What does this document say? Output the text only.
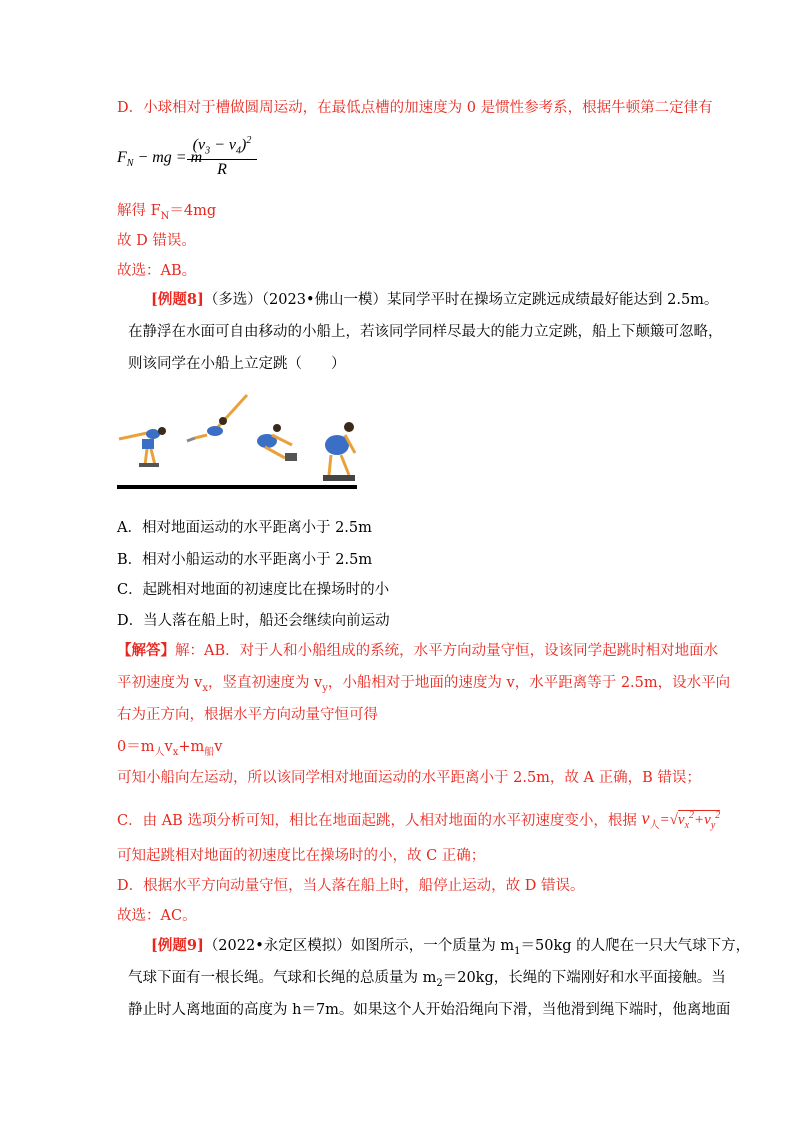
D．小球相对于槽做圆周运动，在最低点槽的加速度为 0 是惯性参考系，根据牛顿第二定律有
$F_N$ − mg = m
$\frac{(v_3 - v_4)^2}{R}$
解得 $F_N=4mg$
故 D 错误。
故选：AB。
[例题8]（多选）（2023•佛山一模）某同学平时在操场立定跳远成绩最好能达到 2.5m。
在静浮在水面可自由移动的小船上，若该同学同样尽最大的能力立定跳，船上下颠簸可忽略，
则该同学在小船上立定跳（　　）
A．相对地面运动的水平距离小于 2.5m
B．相对小船运动的水平距离小于 2.5m
C．起跳相对地面的初速度比在操场时的小
D．当人落在船上时，船还会继续向前运动
【解答】解：AB．对于人和小船组成的系统，水平方向动量守恒，设该同学起跳时相对地面水
平初速度为 $v_x$，竖直初速度为 $v_y$，小船相对于地面的速度为 v，水平距离等于 2.5m，设水平向
右为正方向，根据水平方向动量守恒可得
$0=m_人v_x+m_船v$
可知小船向左运动，所以该同学相对地面运动的水平距离小于 2.5m，故 A 正确，B 错误；
C．由 AB 选项分析可知，相比在地面起跳，人相对地面的水平初速度变小，根据 $v_人=√v_x^2+v_y^2$
可知起跳相对地面的初速度比在操场时的小，故 C 正确；
D．根据水平方向动量守恒，当人落在船上时，船停止运动，故 D 错误。
故选：AC。
[例题9]（2022•永定区模拟）如图所示，一个质量为 $m_1=50kg$ 的人爬在一只大气球下方，
气球下面有一根长绳。气球和长绳的总质量为 $m_2=20kg$，长绳的下端刚好和水平面接触。当
静止时人离地面的高度为 h＝7m。如果这个人开始沿绳向下滑，当他滑到绳下端时，他离地面
